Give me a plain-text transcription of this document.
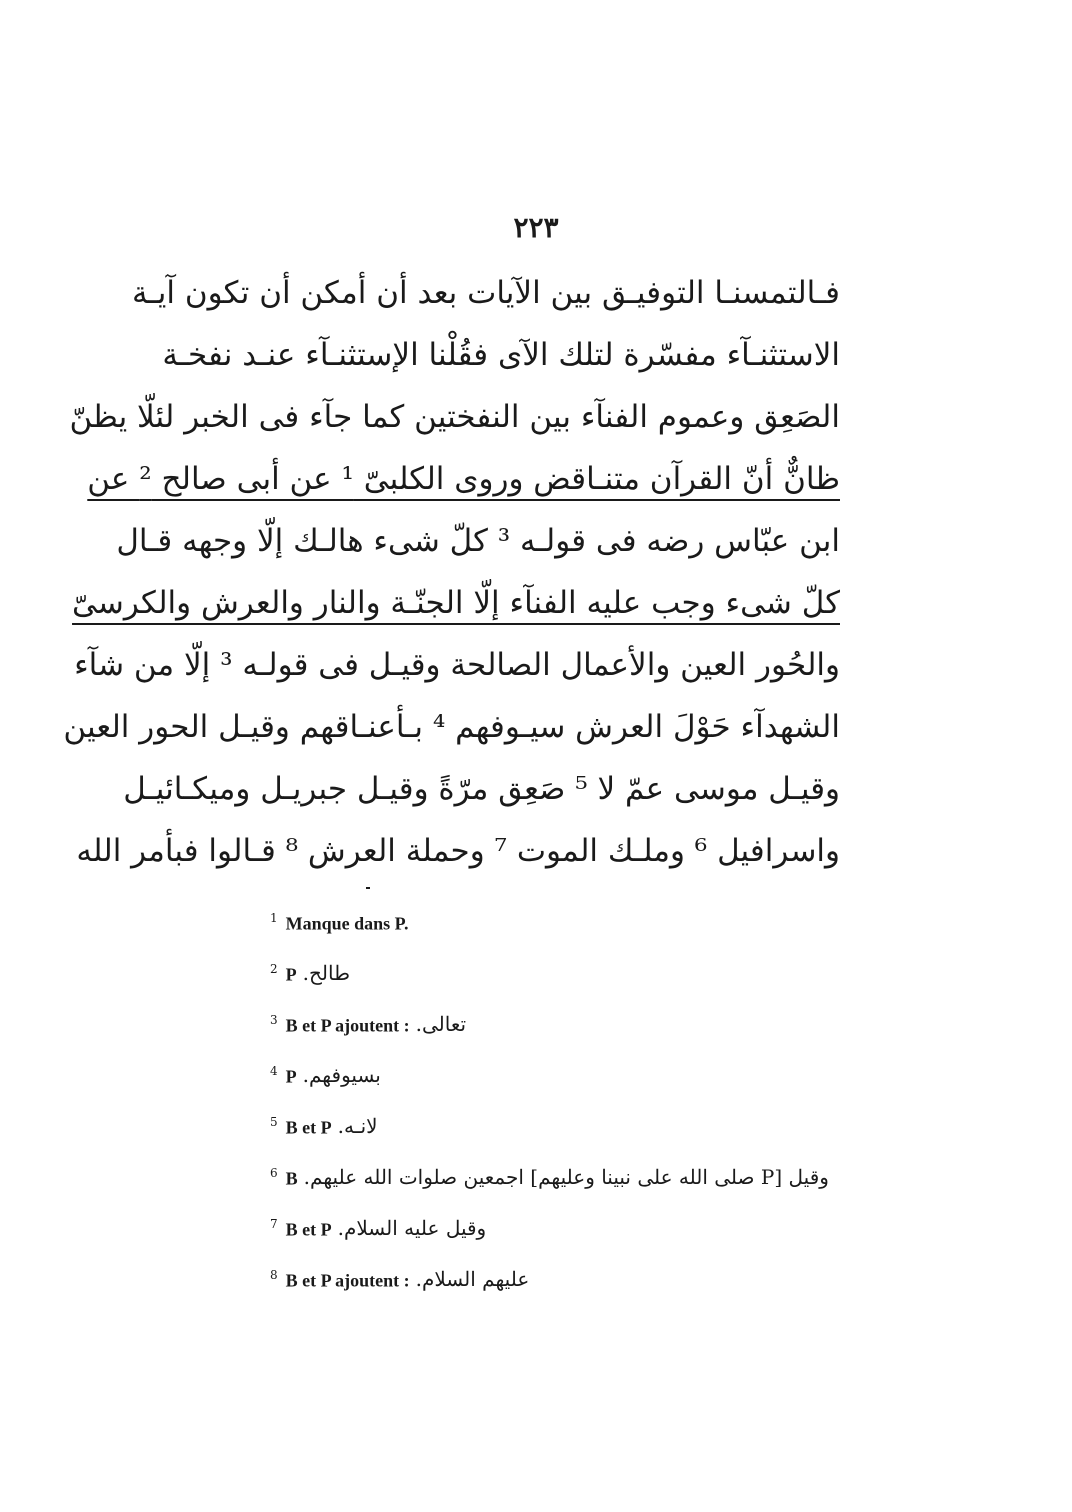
۲۲۳
فـالتمسنـا التوفيـق بين الآيات بعد أن أمكن أن تكون آيـة
الاستثنـآء مفسّرة لتلك الآى فقُلْنا الإستثنـآء عنـد نفخـة
الصَعِق وعموم الفنآء بين النفختين كما جآء فى الخبر لئلّا يظنّ
ظانٌّ أنّ القرآن متنـاقض وروى الكلبىّ ¹ عن أبى صالح ² عن
ابن عبّاس رضه فى قولـه ³ كلّ شىء هالـك إلّا وجهه قـال
كلّ شىء وجب عليه الفنآء إلّا الجنّـة والنار والعرش والكرسىّ
والحُور العين والأعمال الصالحة وقيـل فى قولـه ³ إلّا من شآء
الشهدآء حَوْلَ العرش سيـوفهم ⁴ بـأعنـاقهم وقيـل الحور العين
وقيـل موسى عمّ لا ⁵ صَعِق مرّةً وقيـل جبريـل وميكـائيـل
واسرافيل ⁶ وملـك الموت ⁷ وحملة العرش ⁸ قـالوا فبأمر الله
$^1$ Manque dans P.
$^2$ P طالح.
$^3$ B et P ajoutent : تعالى.
$^4$ P بسيوفهم.
$^5$ B et P لانـه.
$^6$ B وقيل [P صلى الله على نبينا وعليهم] اجمعين صلوات الله عليهم.
$^7$ B et P وقيل عليه السلام.
$^8$ B et P ajoutent : عليهم السلام.
